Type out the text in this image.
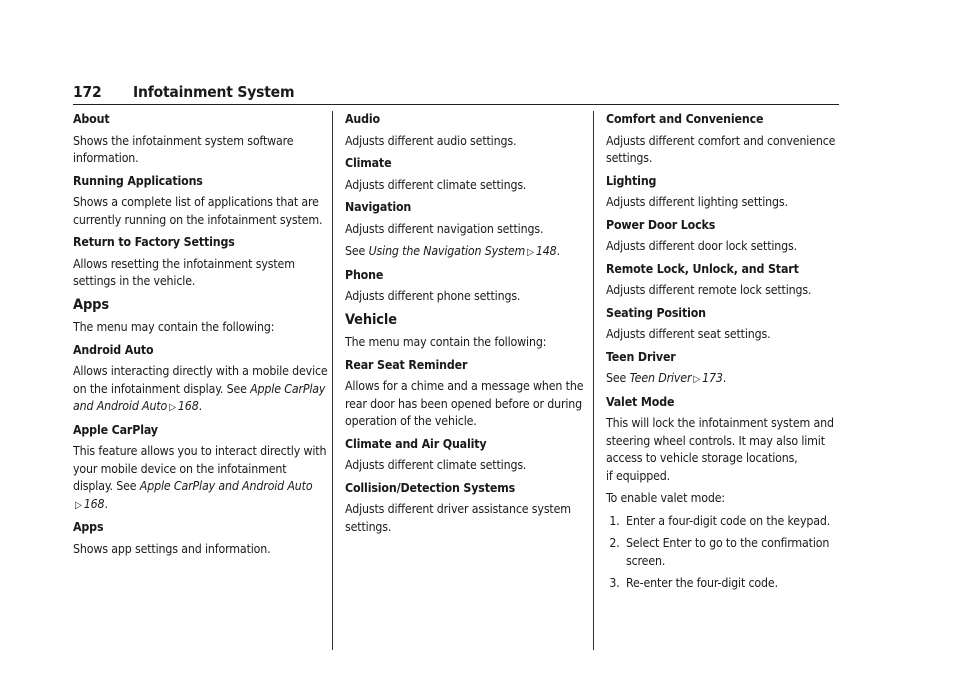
172 Infotainment System
About
Shows the infotainment system software information.
Running Applications
Shows a complete list of applications that are currently running on the infotainment system.
Return to Factory Settings
Allows resetting the infotainment system settings in the vehicle.
Apps
The menu may contain the following:
Android Auto
Allows interacting directly with a mobile device on the infotainment display. See Apple CarPlay and Android Auto ▷ 168.
Apple CarPlay
This feature allows you to interact directly with your mobile device on the infotainment display. See Apple CarPlay and Android Auto
▷ 168.
Apps
Shows app settings and information.
Audio
Adjusts different audio settings.
Climate
Adjusts different climate settings.
Navigation
Adjusts different navigation settings.
See Using the Navigation System ▷ 148.
Phone
Adjusts different phone settings.
Vehicle
The menu may contain the following:
Rear Seat Reminder
Allows for a chime and a message when the rear door has been opened before or during operation of the vehicle.
Climate and Air Quality
Adjusts different climate settings.
Collision/Detection Systems
Adjusts different driver assistance system settings.
Comfort and Convenience
Adjusts different comfort and convenience settings.
Lighting
Adjusts different lighting settings.
Power Door Locks
Adjusts different door lock settings.
Remote Lock, Unlock, and Start
Adjusts different remote lock settings.
Seating Position
Adjusts different seat settings.
Teen Driver
See Teen Driver ▷ 173.
Valet Mode
This will lock the infotainment system and steering wheel controls. It may also limit access to vehicle storage locations,
if equipped.
To enable valet mode:
1. Enter a four-digit code on the keypad.
2. Select Enter to go to the confirmation screen.
3. Re-enter the four-digit code.
